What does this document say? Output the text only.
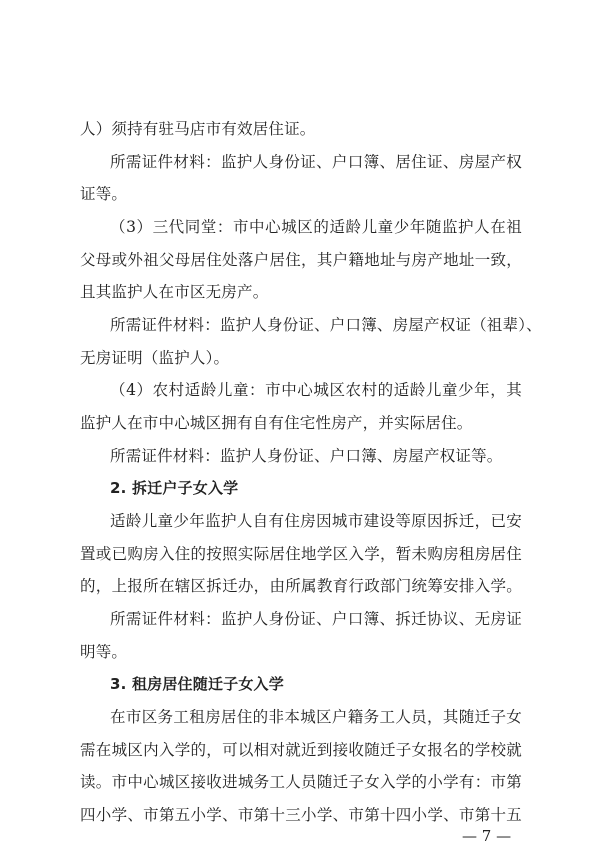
人）须持有驻马店市有效居住证。
所需证件材料：监护人身份证、户口簿、居住证、房屋产权
证等。
（3）三代同堂：市中心城区的适龄儿童少年随监护人在祖
父母或外祖父母居住处落户居住，其户籍地址与房产地址一致，
且其监护人在市区无房产。
所需证件材料：监护人身份证、户口簿、房屋产权证（祖辈）、
无房证明（监护人）。
（4）农村适龄儿童：市中心城区农村的适龄儿童少年，其
监护人在市中心城区拥有自有住宅性房产，并实际居住。
所需证件材料：监护人身份证、户口簿、房屋产权证等。
2. 拆迁户子女入学
适龄儿童少年监护人自有住房因城市建设等原因拆迁，已安
置或已购房入住的按照实际居住地学区入学，暂未购房租房居住
的，上报所在辖区拆迁办，由所属教育行政部门统筹安排入学。
所需证件材料：监护人身份证、户口簿、拆迁协议、无房证
明等。
3. 租房居住随迁子女入学
在市区务工租房居住的非本城区户籍务工人员，其随迁子女
需在城区内入学的，可以相对就近到接收随迁子女报名的学校就
读。市中心城区接收进城务工人员随迁子女入学的小学有：市第
四小学、市第五小学、市第十三小学、市第十四小学、市第十五
— 7 —
